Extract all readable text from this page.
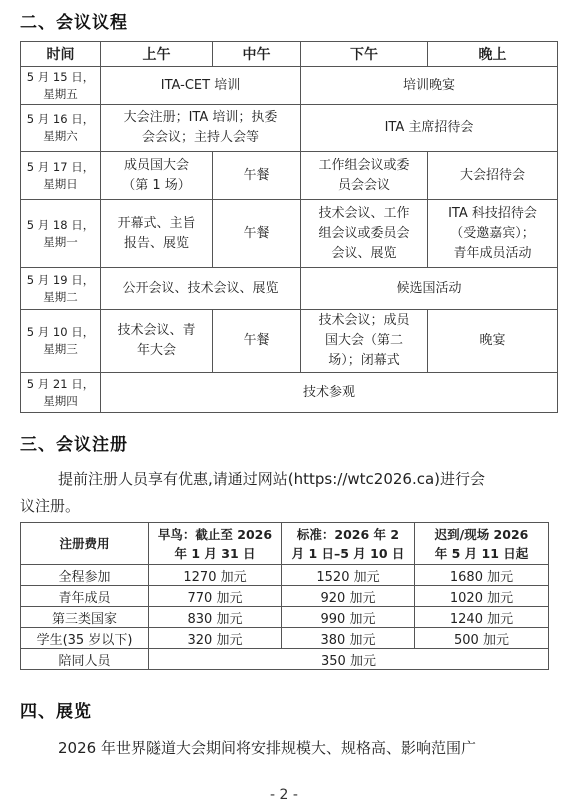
二、会议议程
时间	上午	中午	下午	晚上

5 月 15 日，
星期五	ITA-CET 培训		培训晚宴	

5 月 16 日，
星期六	大会注册；ITA 培训；执委
会会议；主持人会等		ITA 主席招待会	

5 月 17 日，
星期日	成员国大会
（第 1 场）	午餐	工作组会议或委
员会会议	大会招待会

5 月 18 日，
星期一	开幕式、主旨
报告、展览	午餐	技术会议、工作
组会议或委员会
会议、展览	ITA 科技招待会
（受邀嘉宾）；
青年成员活动

5 月 19 日，
星期二	公开会议、技术会议、展览		候选国活动	

5 月 10 日，
星期三	技术会议、青
年大会	午餐	技术会议；成员
国大会（第二
场）；闭幕式	晚宴

5 月 21 日，
星期四	技术参观			
三、会议注册
提前注册人员享有优惠,请通过网站(https://wtc2026.ca)进行会
议注册。
注册费用	早鸟：截止至 2026
年 1 月 31 日	标准：2026 年 2
月 1 日–5 月 10 日	迟到/现场 2026
年 5 月 11 日起

全程参加	1270 加元	1520 加元	1680 加元
青年成员	770 加元	920 加元	1020 加元
第三类国家	830 加元	990 加元	1240 加元
学生(35 岁以下)	320 加元	380 加元	500 加元
陪同人员	350 加元		
四、展览
2026 年世界隧道大会期间将安排规模大、规格高、影响范围广
- 2 -
